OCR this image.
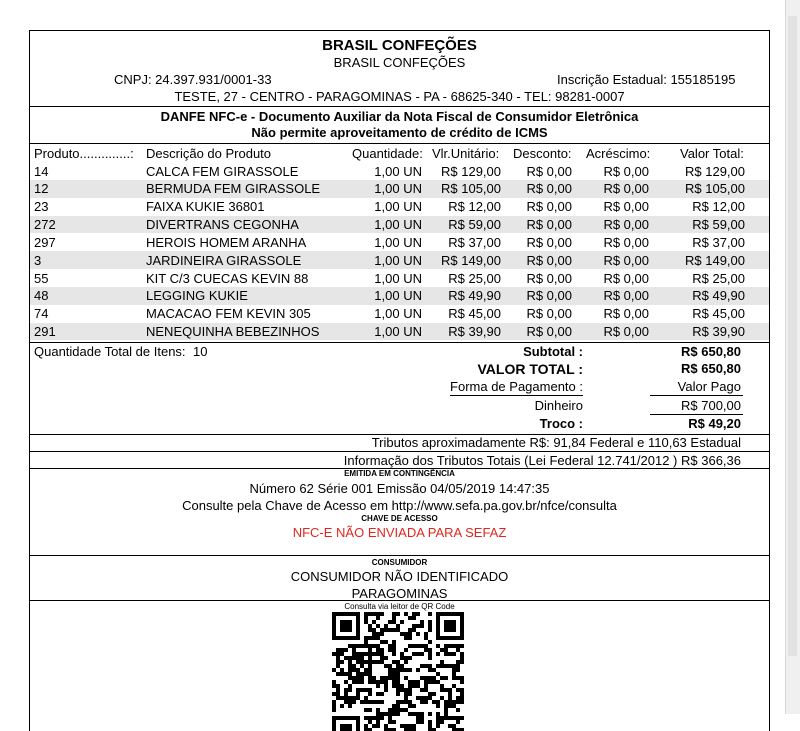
BRASIL CONFEÇÕES
BRASIL CONFEÇÕES
CNPJ: 24.397.931/0001-33	Inscrição Estadual: 155185195
TESTE, 27 - CENTRO - PARAGOMINAS - PA - 68625-340 - TEL: 98281-0007
DANFE NFC-e - Documento Auxiliar da Nota Fiscal de Consumidor Eletrônica
Não permite aproveitamento de crédito de ICMS
Produto..............: Descrição do Produto	Quantidade: Vlr.Unitário: Desconto: Acréscimo: Valor Total:
14	CALCA FEM GIRASSOLE	1,00 UN R$ 129,00 R$ 0,00 R$ 0,00	R$ 129,00
12	BERMUDA FEM GIRASSOLE	1,00 UN R$ 105,00 R$ 0,00 R$ 0,00	R$ 105,00
23	FAIXA KUKIE 36801	1,00 UN R$ 12,00 R$ 0,00 R$ 0,00	R$ 12,00
272	DIVERTRANS CEGONHA	1,00 UN R$ 59,00 R$ 0,00 R$ 0,00	R$ 59,00
297	HEROIS HOMEM ARANHA	1,00 UN R$ 37,00 R$ 0,00 R$ 0,00	R$ 37,00
3	JARDINEIRA GIRASSOLE	1,00 UN R$ 149,00 R$ 0,00 R$ 0,00	R$ 149,00
55	KIT C/3 CUECAS KEVIN 88	1,00 UN R$ 25,00 R$ 0,00 R$ 0,00	R$ 25,00
48	LEGGING KUKIE	1,00 UN R$ 49,90 R$ 0,00 R$ 0,00	R$ 49,90
74	MACACAO FEM KEVIN 305	1,00 UN R$ 45,00 R$ 0,00 R$ 0,00	R$ 45,00
291	NENEQUINHA BEBEZINHOS	1,00 UN R$ 39,90 R$ 0,00 R$ 0,00	R$ 39,90
Quantidade Total de Itens: 10	Subtotal :	R$ 650,80
VALOR TOTAL :	R$ 650,80
Forma de Pagamento :	Valor Pago
Dinheiro	R$ 700,00
Troco :	R$ 49,20
Tributos aproximadamente R$: 91,84 Federal e 110,63 Estadual
Informação dos Tributos Totais (Lei Federal 12.741/2012 ) R$ 366,36
EMITIDA EM CONTINGÊNCIA
Número 62 Série 001 Emissão 04/05/2019 14:47:35
Consulte pela Chave de Acesso em http://www.sefa.pa.gov.br/nfce/consulta
CHAVE DE ACESSO
NFC-E NÃO ENVIADA PARA SEFAZ
CONSUMIDOR
CONSUMIDOR NÃO IDENTIFICADO
PARAGOMINAS
Consulta via leitor de QR Code
